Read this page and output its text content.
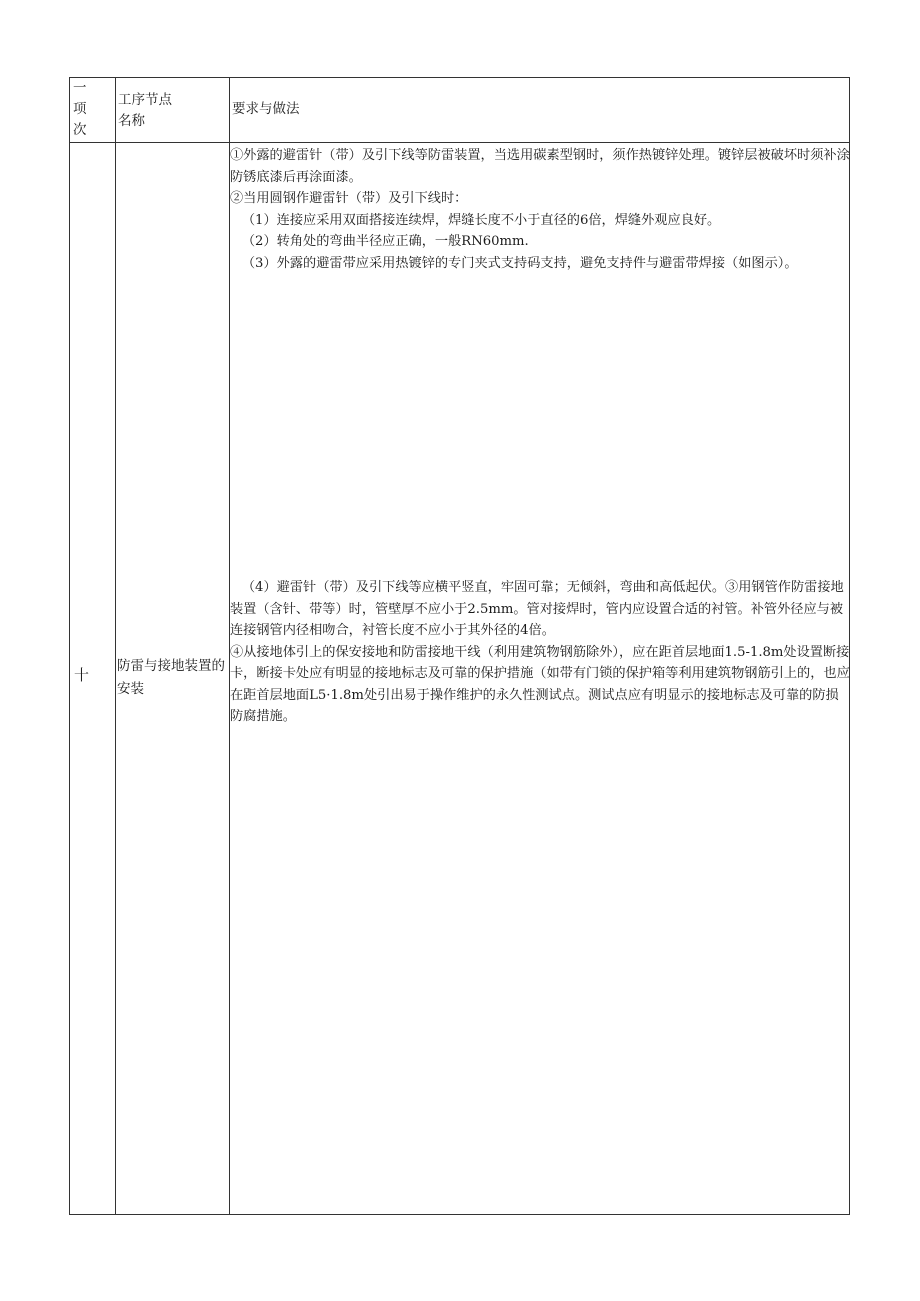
一
项
次
工序节点
名称
要求与做法
十	防雷与接地装置的安装

①外露的避雷针（带）及引下线等防雷装置，当选用碳素型钢时，须作热镀锌处理。镀锌层被破坏时须补涂防锈底漆后再涂面漆。

②当用圆钢作避雷针（带）及引下线时：

（1）连接应采用双面搭接连续焊，焊缝长度不小于直径的6倍，焊缝外观应良好。

（2）转角处的弯曲半径应正确，一般RN60mm.

（3）外露的避雷带应采用热镀锌的专门夹式支持码支持，避免支持件与避雷带焊接（如图示）。

（4）避雷针（带）及引下线等应横平竖直，牢固可靠；无倾斜，弯曲和高低起伏。③用钢管作防雷接地装置（含针、带等）时，管壁厚不应小于2.5mm。管对接焊时，管内应设置合适的衬管。补管外径应与被连接钢管内径相吻合，衬管长度不应小于其外径的4倍。

④从接地体引上的保安接地和防雷接地干线（利用建筑物钢筋除外），应在距首层地面1.5-1.8m处设置断接卡，断接卡处应有明显的接地标志及可靠的保护措施（如带有门锁的保护箱等利用建筑物钢筋引上的，也应在距首层地面L5·1.8m处引出易于操作维护的永久性测试点。测试点应有明显示的接地标志及可靠的防损防腐措施。
